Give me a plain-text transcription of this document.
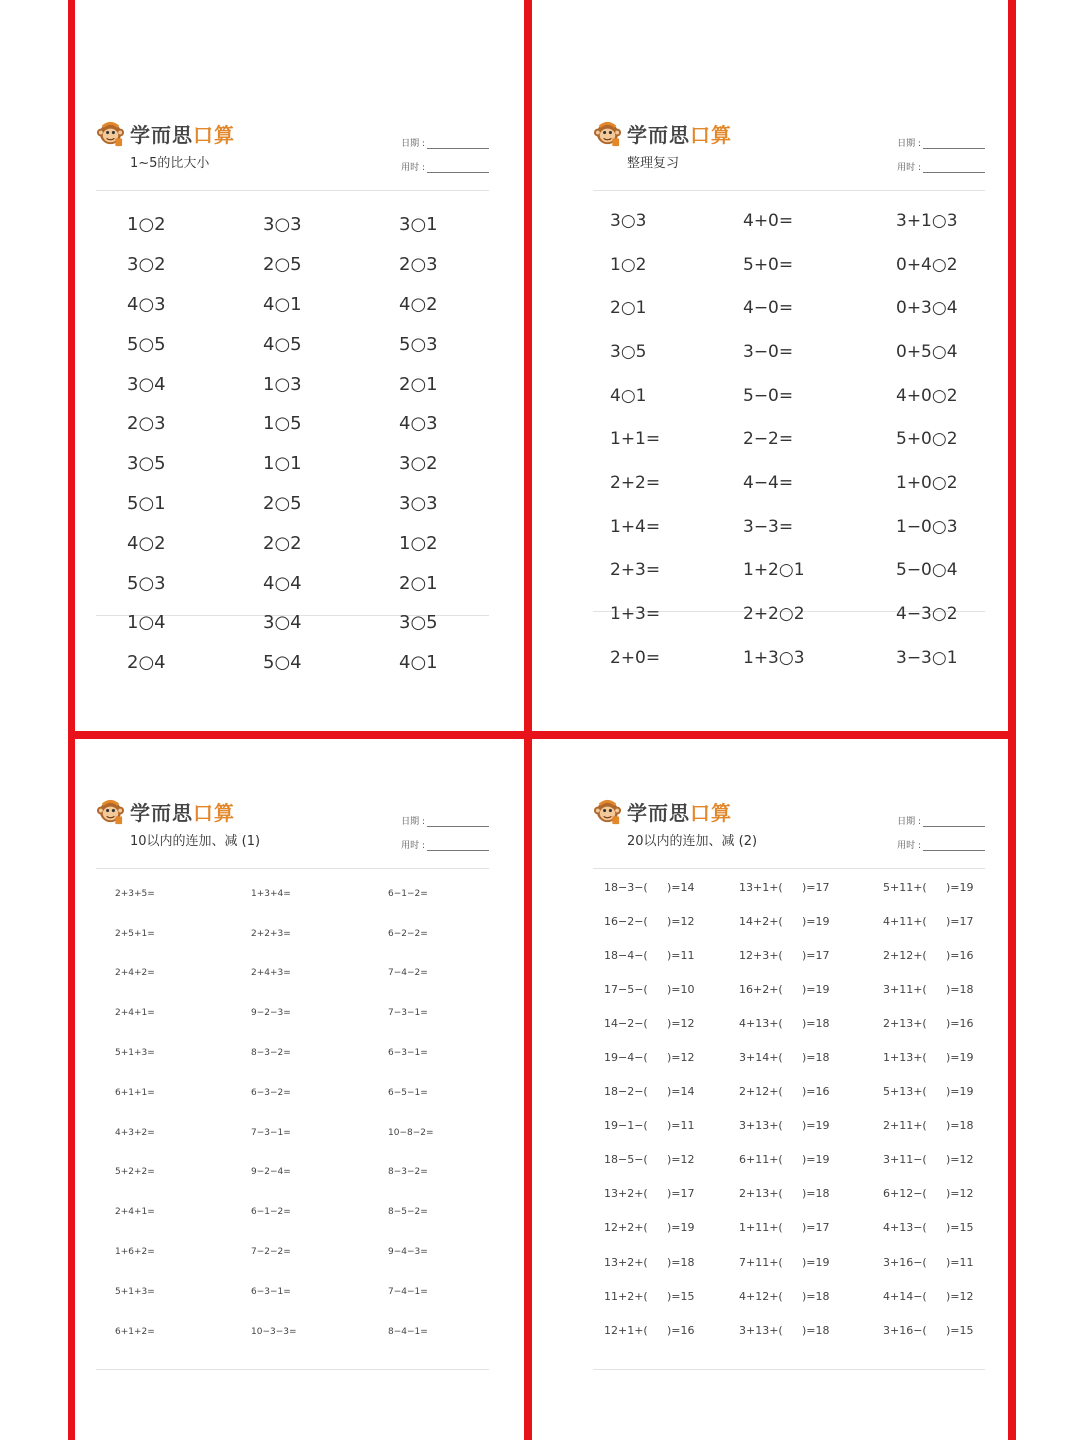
学而思口算
1~5的比大小
日期 :
用时 :
1○2	3○3	3○1
3○2	2○5	2○3
4○3	4○1	4○2
5○5	4○5	5○3
3○4	1○3	2○1
2○3	1○5	4○3
3○5	1○1	3○2
5○1	2○5	3○3
4○2	2○2	1○2
5○3	4○4	2○1
1○4	3○4	3○5
2○4	5○4	4○1
学而思口算
整理复习
日期 :
用时 :
3○3	4+0=	3+1○3
1○2	5+0=	0+4○2
2○1	4−0=	0+3○4
3○5	3−0=	0+5○4
4○1	5−0=	4+0○2
1+1=	2−2=	5+0○2
2+2=	4−4=	1+0○2
1+4=	3−3=	1−0○3
2+3=	1+2○1	5−0○4
1+3=	2+2○2	4−3○2
2+0=	1+3○3	3−3○1
学而思口算
10以内的连加、减 (1)
日期 :
用时 :
2+3+5=	1+3+4=	6−1−2=
2+5+1=	2+2+3=	6−2−2=
2+4+2=	2+4+3=	7−4−2=
2+4+1=	9−2−3=	7−3−1=
5+1+3=	8−3−2=	6−3−1=
6+1+1=	6−3−2=	6−5−1=
4+3+2=	7−3−1=	10−8−2=
5+2+2=	9−2−4=	8−3−2=
2+4+1=	6−1−2=	8−5−2=
1+6+2=	7−2−2=	9−4−3=
5+1+3=	6−3−1=	7−4−1=
6+1+2=	10−3−3=	8−4−1=
学而思口算
20以内的连加、减 (2)
日期 :
用时 :
18−3−( )=14	13+1+( )=17	5+11+( )=19
16−2−( )=12	14+2+( )=19	4+11+( )=17
18−4−( )=11	12+3+( )=17	2+12+( )=16
17−5−( )=10	16+2+( )=19	3+11+( )=18
14−2−( )=12	4+13+( )=18	2+13+( )=16
19−4−( )=12	3+14+( )=18	1+13+( )=19
18−2−( )=14	2+12+( )=16	5+13+( )=19
19−1−( )=11	3+13+( )=19	2+11+( )=18
18−5−( )=12	6+11+( )=19	3+11−( )=12
13+2+( )=17	2+13+( )=18	6+12−( )=12
12+2+( )=19	1+11+( )=17	4+13−( )=15
13+2+( )=18	7+11+( )=19	3+16−( )=11
11+2+( )=15	4+12+( )=18	4+14−( )=12
12+1+( )=16	3+13+( )=18	3+16−( )=15
